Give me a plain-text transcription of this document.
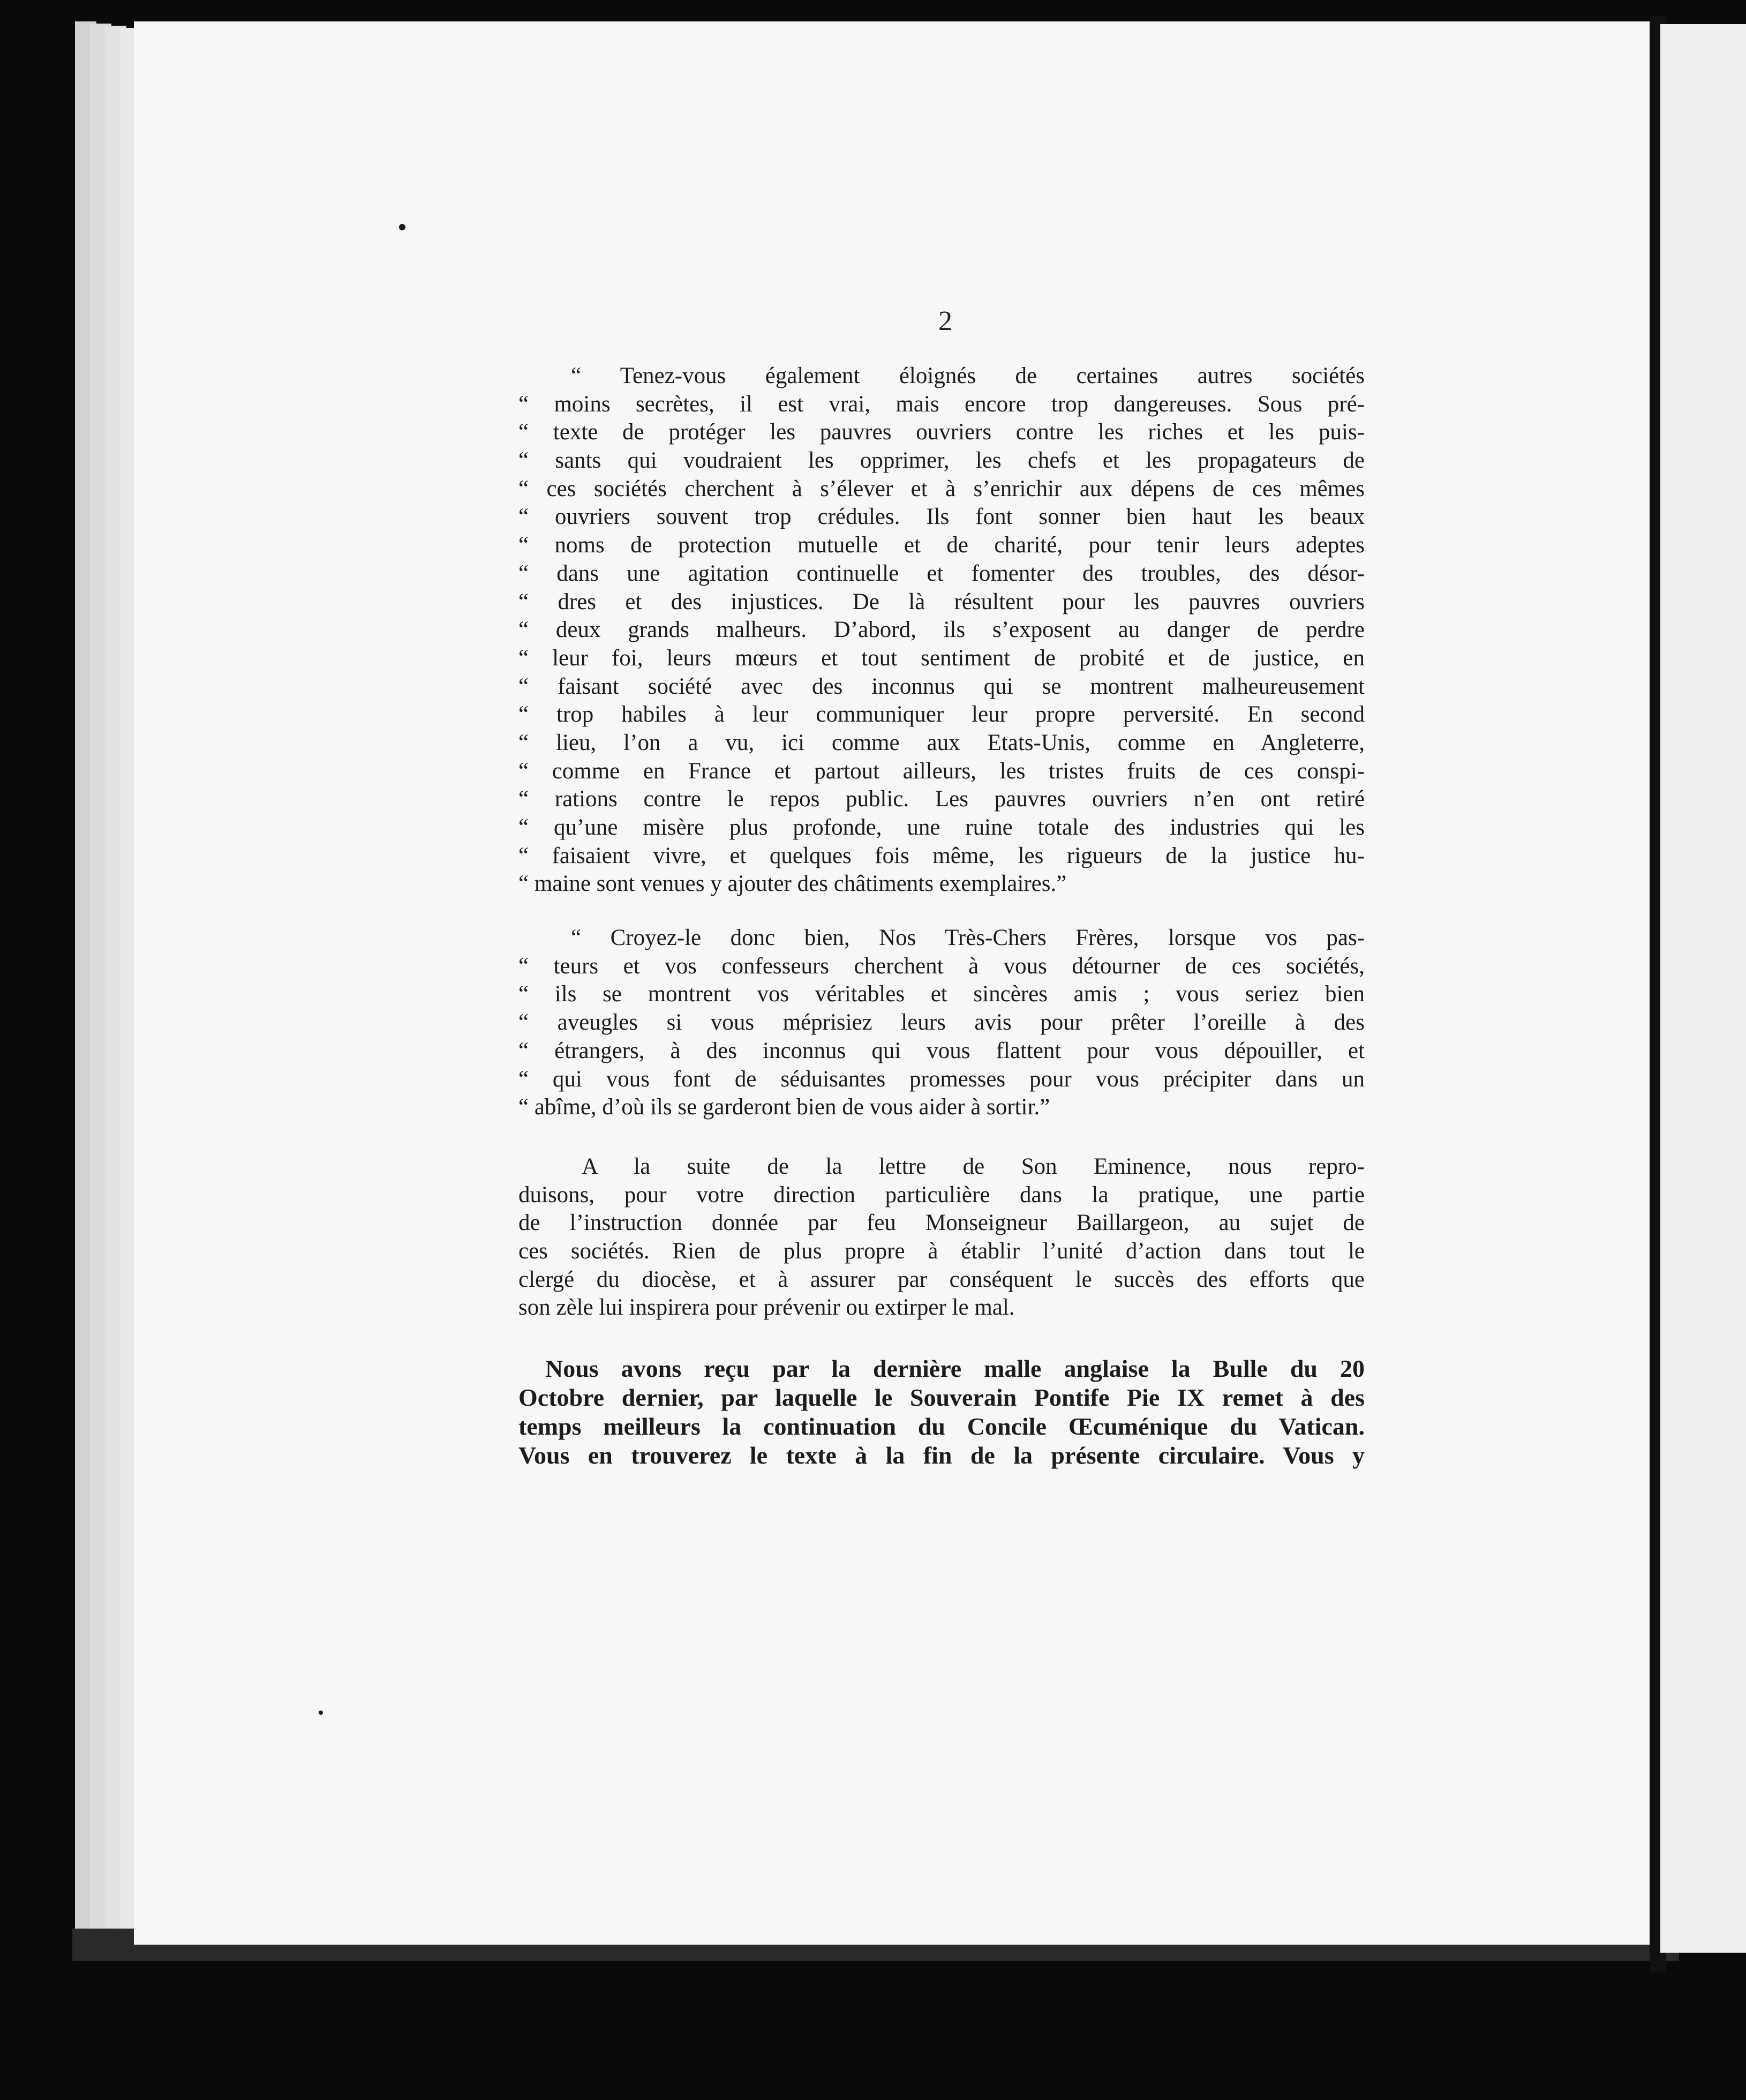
2
“ Tenez-vous également éloignés de certaines autres sociétés
“ moins secrètes, il est vrai, mais encore trop dangereuses. Sous pré-
“ texte de protéger les pauvres ouvriers contre les riches et les puis-
“ sants qui voudraient les opprimer, les chefs et les propagateurs de
“ ces sociétés cherchent à s’élever et à s’enrichir aux dépens de ces mêmes
“ ouvriers souvent trop crédules. Ils font sonner bien haut les beaux
“ noms de protection mutuelle et de charité, pour tenir leurs adeptes
“ dans une agitation continuelle et fomenter des troubles, des désor-
“ dres et des injustices. De là résultent pour les pauvres ouvriers
“ deux grands malheurs. D’abord, ils s’exposent au danger de perdre
“ leur foi, leurs mœurs et tout sentiment de probité et de justice, en
“ faisant société avec des inconnus qui se montrent malheureusement
“ trop habiles à leur communiquer leur propre perversité. En second
“ lieu, l’on a vu, ici comme aux Etats-Unis, comme en Angleterre,
“ comme en France et partout ailleurs, les tristes fruits de ces conspi-
“ rations contre le repos public. Les pauvres ouvriers n’en ont retiré
“ qu’une misère plus profonde, une ruine totale des industries qui les
“ faisaient vivre, et quelques fois même, les rigueurs de la justice hu-
“ maine sont venues y ajouter des châtiments exemplaires.”
“ Croyez-le donc bien, Nos Très-Chers Frères, lorsque vos pas-
“ teurs et vos confesseurs cherchent à vous détourner de ces sociétés,
“ ils se montrent vos véritables et sincères amis ; vous seriez bien
“ aveugles si vous méprisiez leurs avis pour prêter l’oreille à des
“ étrangers, à des inconnus qui vous flattent pour vous dépouiller, et
“ qui vous font de séduisantes promesses pour vous précipiter dans un
“ abîme, d’où ils se garderont bien de vous aider à sortir.”
A la suite de la lettre de Son Eminence, nous repro-
duisons, pour votre direction particulière dans la pratique, une partie
de l’instruction donnée par feu Monseigneur Baillargeon, au sujet de
ces sociétés. Rien de plus propre à établir l’unité d’action dans tout le
clergé du diocèse, et à assurer par conséquent le succès des efforts que
son zèle lui inspirera pour prévenir ou extirper le mal.
Nous avons reçu par la dernière malle anglaise la Bulle du 20
Octobre dernier, par laquelle le Souverain Pontife Pie IX remet à des
temps meilleurs la continuation du Concile Œcuménique du Vatican.
Vous en trouverez le texte à la fin de la présente circulaire. Vous y
